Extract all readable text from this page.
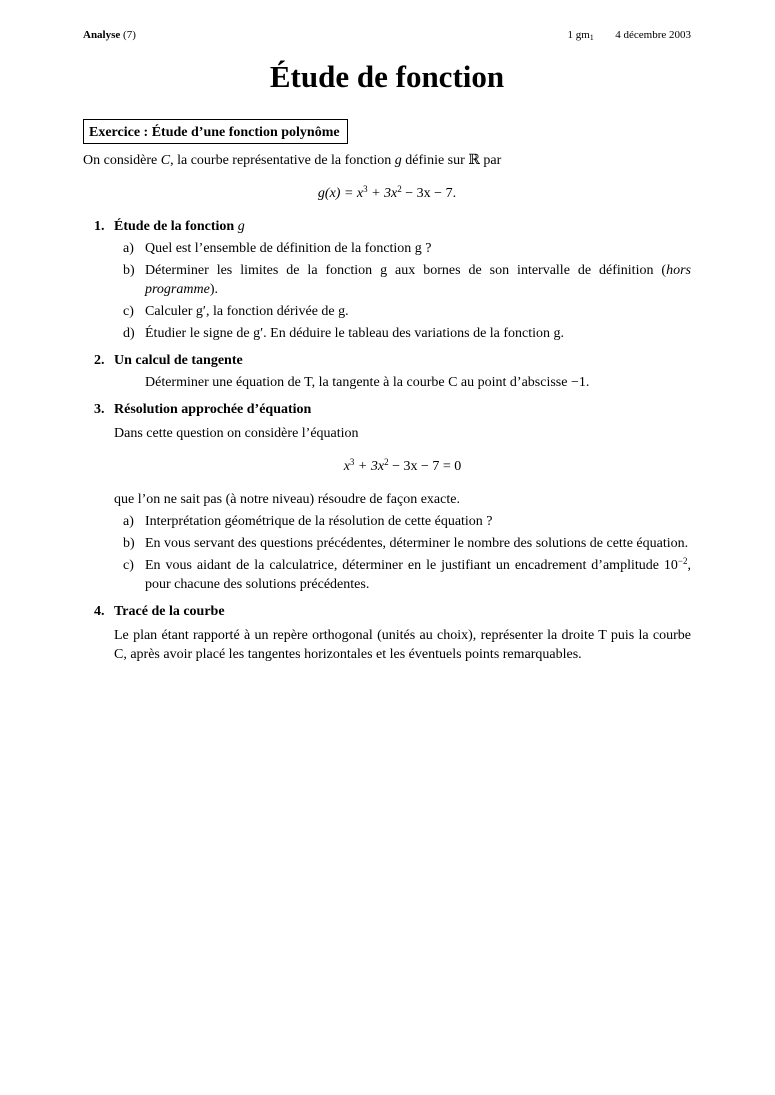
Analyse (7)	1 $gm_1$ 4 décembre 2003
Étude de fonction
Exercice : Étude d’une fonction polynôme

On considère C, la courbe représentative de la fonction g définie sur ℝ par

$g(x) = x^3 + 3x^2 - 3x - 7$.

1. Étude de la fonction g
a) Quel est l’ensemble de définition de la fonction g ?
b) Déterminer les limites de la fonction g aux bornes de son intervalle de définition (hors programme).
c) Calculer g′, la fonction dérivée de g.
d) Étudier le signe de g′. En déduire le tableau des variations de la fonction g.
2. Un calcul de tangente
Déterminer une équation de T, la tangente à la courbe C au point d’abscisse −1.
3. Résolution approchée d’équation

Dans cette question on considère l’équation

$x^3 + 3x^2 - 3x - 7 = 0$

que l’on ne sait pas (à notre niveau) résoudre de façon exacte.

a) Interprétation géométrique de la résolution de cette équation ?
b) En vous servant des questions précédentes, déterminer le nombre des solutions de cette équation.
c) En vous aidant de la calculatrice, déterminer en le justifiant un encadrement d’amplitude $10^{-2}$, pour chacune des solutions précédentes.
4. Tracé de la courbe

Le plan étant rapporté à un repère orthogonal (unités au choix), représenter la droite T puis la courbe C, après avoir placé les tangentes horizontales et les éventuels points remarquables.
